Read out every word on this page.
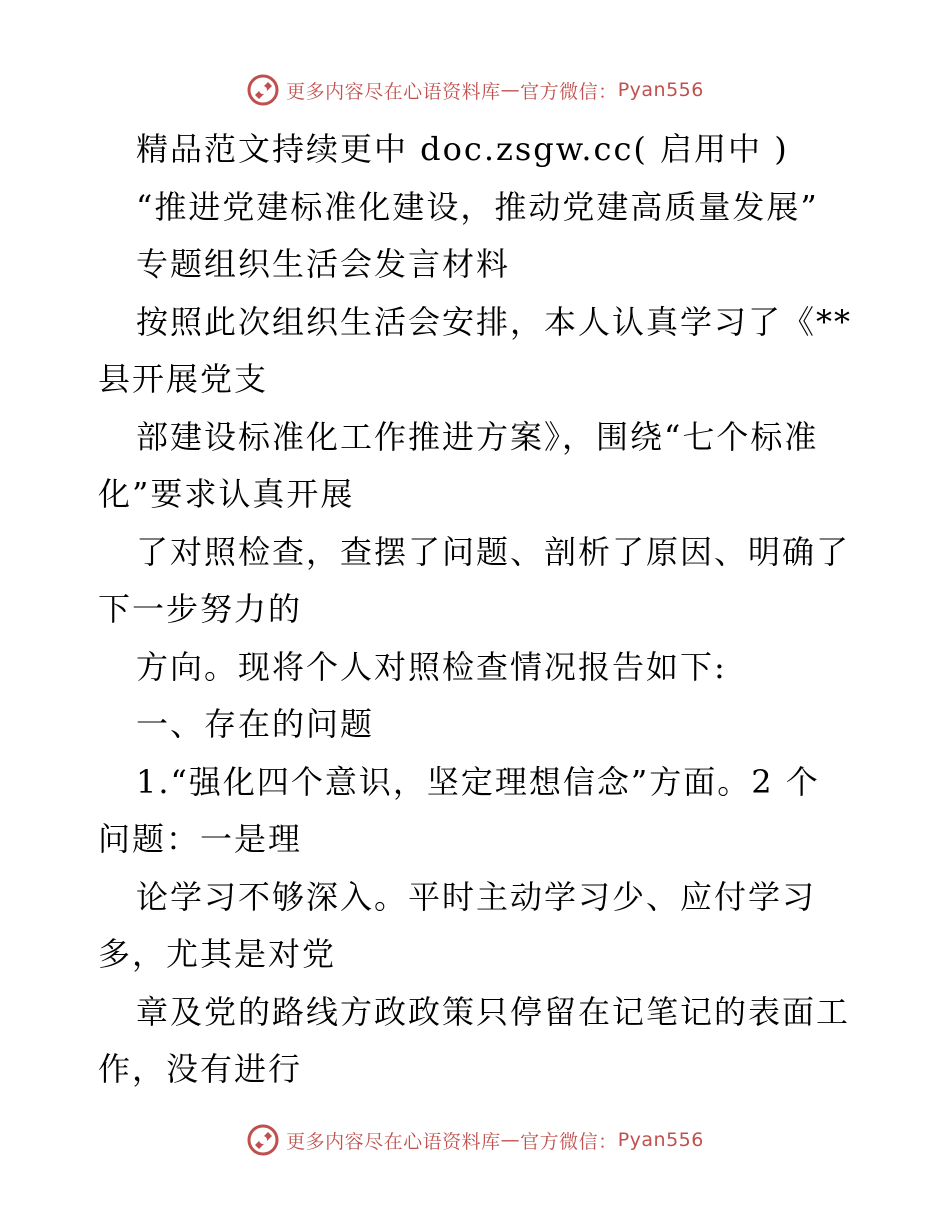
更多内容尽在心语资料库 — 官方微信： Pyan556
精品范文持续更中 doc.zsgw.cc( 启用中 )
“推进党建标准化建设，推动党建高质量发展”
专题组织生活会发言材料
按照此次组织生活会安排，本人认真学习了《**
县开展党支
部建设标准化工作推进方案》，围绕“七个标准
化”要求认真开展
了对照检查，查摆了问题、剖析了原因、明确了
下一步努力的
方向。现将个人对照检查情况报告如下:
一、存在的问题
1.“强化四个意识，坚定理想信念”方面。2 个
问题：一是理
论学习不够深入。平时主动学习少、应付学习
多，尤其是对党
章及党的路线方政政策只停留在记笔记的表面工
作，没有进行
更多内容尽在心语资料库 — 官方微信： Pyan556
